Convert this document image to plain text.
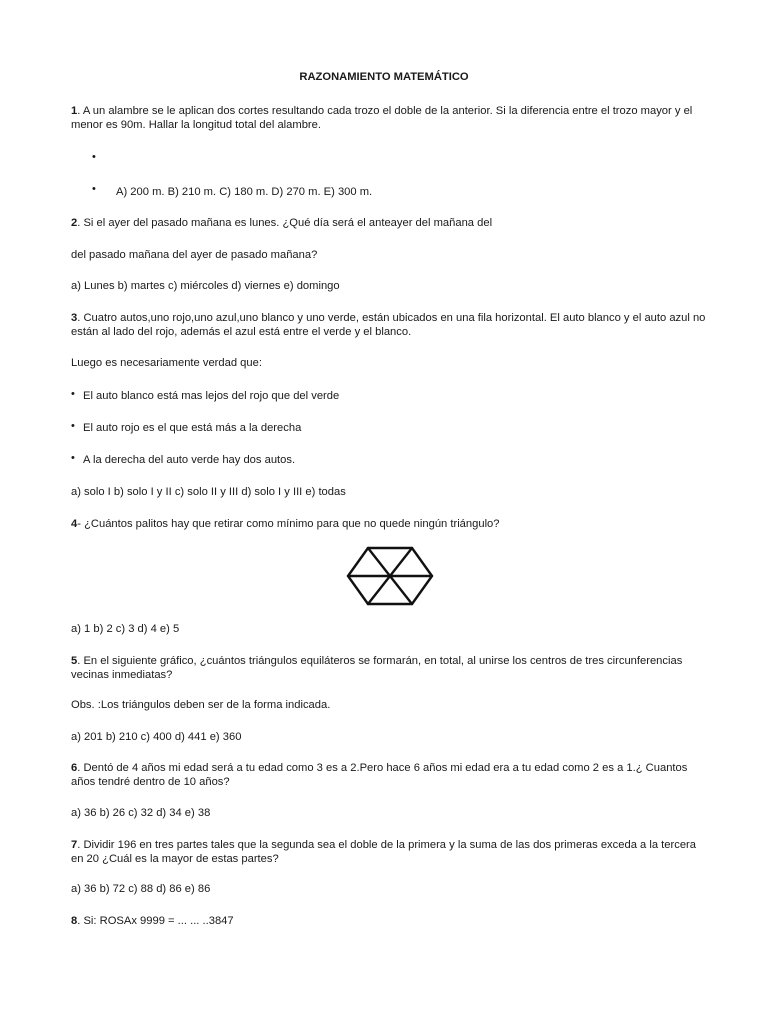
RAZONAMIENTO MATEMÁTICO

1. A un alambre se le aplican dos cortes resultando cada trozo el doble de la anterior. Si la diferencia entre el trozo mayor y el menor es 90m. Hallar la longitud total del alambre.

•
• A) 200 m. B) 210 m. C) 180 m. D) 270 m. E) 300 m.

2. Si el ayer del pasado mañana es lunes. ¿Qué día será el anteayer del mañana del

del pasado mañana del ayer de pasado mañana?

a) Lunes b) martes c) miércoles d) viernes e) domingo

3. Cuatro autos,uno rojo,uno azul,uno blanco y uno verde, están ubicados en una fila horizontal. El auto blanco y el auto azul no están al lado del rojo, además el azul está entre el verde y el blanco.

Luego es necesariamente verdad que:

• El auto blanco está mas lejos del rojo que del verde

• El auto rojo es el que está más a la derecha

• A la derecha del auto verde hay dos autos.

a) solo I b) solo I y II c) solo II y III d) solo I y III e) todas

4- ¿Cuántos palitos hay que retirar como mínimo para que no quede ningún triángulo?

a) 1 b) 2 c) 3 d) 4 e) 5

5. En el siguiente gráfico, ¿cuántos triángulos equiláteros se formarán, en total, al unirse los centros de tres circunferencias vecinas inmediatas?

Obs. :Los triángulos deben ser de la forma indicada.

a) 201 b) 210 c) 400 d) 441 e) 360

6. Dentó de 4 años mi edad será a tu edad como 3 es a 2.Pero hace 6 años mi edad era a tu edad como 2 es a 1.¿ Cuantos años tendré dentro de 10 años?

a) 36 b) 26 c) 32 d) 34 e) 38

7. Dividir 196 en tres partes tales que la segunda sea el doble de la primera y la suma de las dos primeras exceda a la tercera en 20 ¿Cuál es la mayor de estas partes?

a) 36 b) 72 c) 88 d) 86 e) 86

8. Si: ROSAx 9999 = ... ... ..3847
